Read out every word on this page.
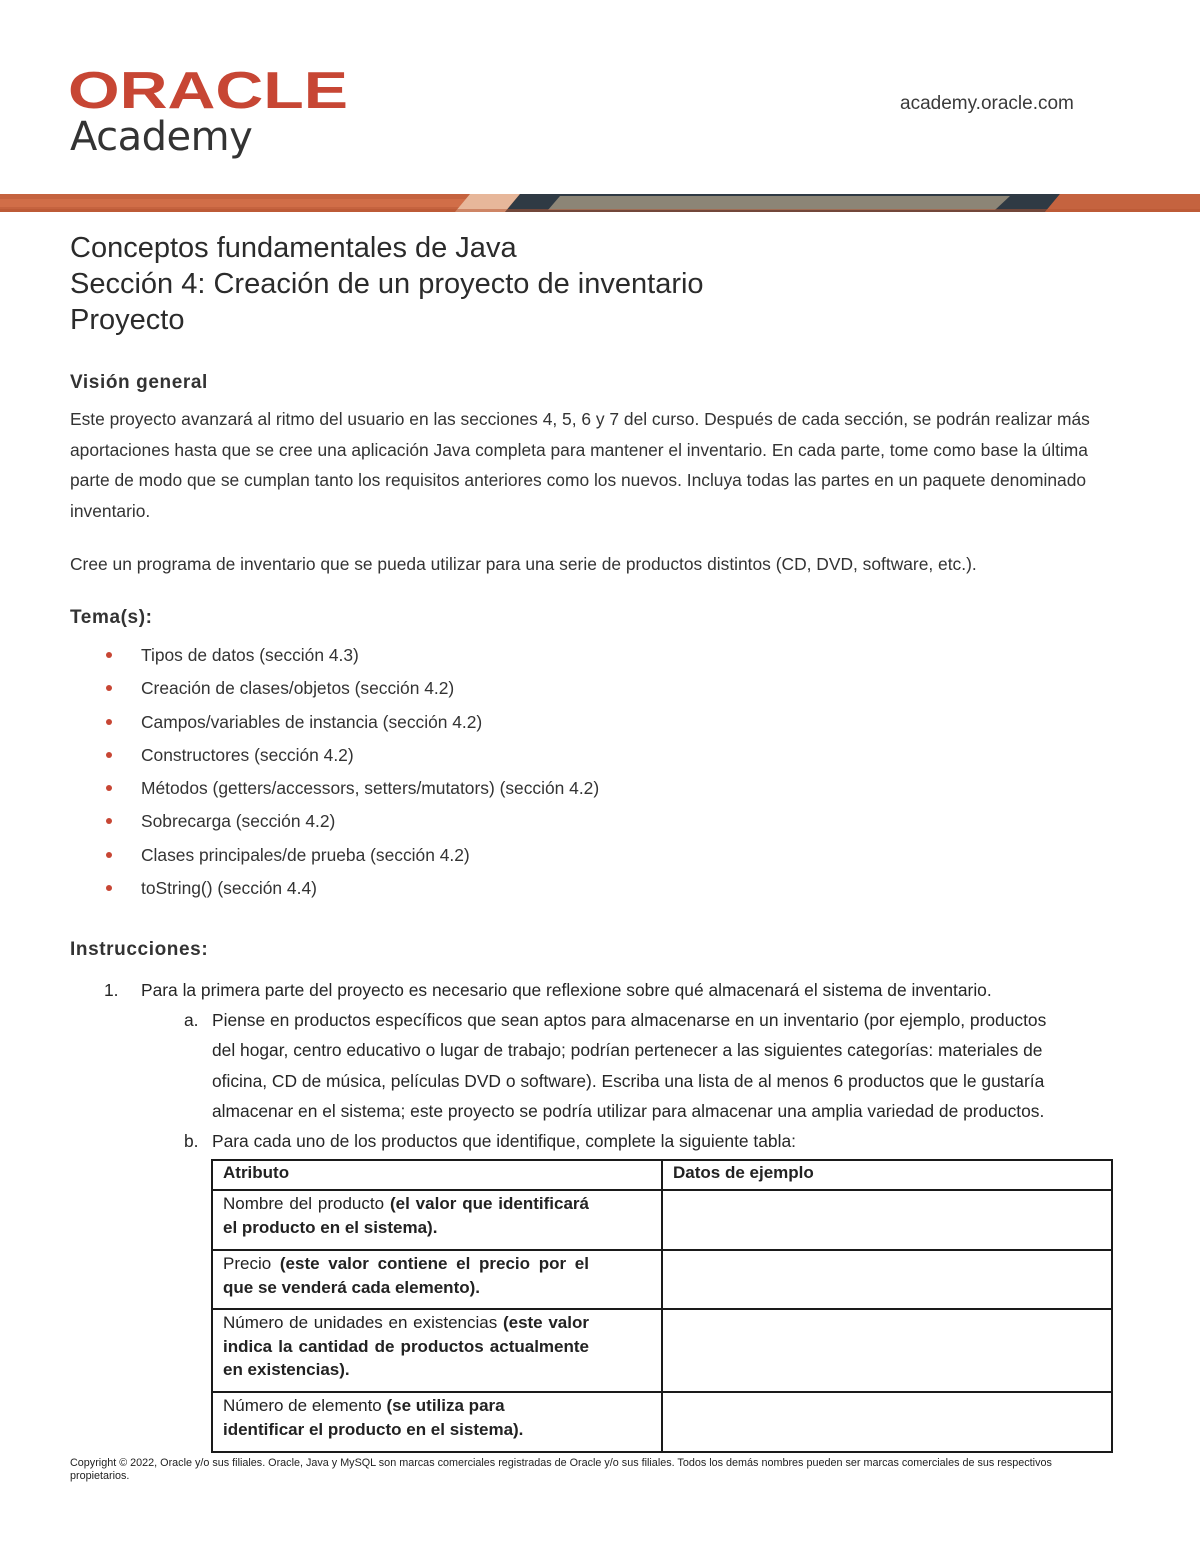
ORACLE
Academy
academy.oracle.com
Conceptos fundamentales de Java
Sección 4: Creación de un proyecto de inventario
Proyecto
Visión general
Este proyecto avanzará al ritmo del usuario en las secciones 4, 5, 6 y 7 del curso. Después de cada sección, se podrán realizar más aportaciones hasta que se cree una aplicación Java completa para mantener el inventario. En cada parte, tome como base la última parte de modo que se cumplan tanto los requisitos anteriores como los nuevos. Incluya todas las partes en un paquete denominado inventario.
Cree un programa de inventario que se pueda utilizar para una serie de productos distintos (CD, DVD, software, etc.).
Tema(s):
Tipos de datos (sección 4.3)
Creación de clases/objetos (sección 4.2)
Campos/variables de instancia (sección 4.2)
Constructores (sección 4.2)
Métodos (getters/accessors, setters/mutators) (sección 4.2)
Sobrecarga (sección 4.2)
Clases principales/de prueba (sección 4.2)
toString() (sección 4.4)
Instrucciones:
1. Para la primera parte del proyecto es necesario que reflexione sobre qué almacenará el sistema de inventario.
a. Piense en productos específicos que sean aptos para almacenarse en un inventario (por ejemplo, productos del hogar, centro educativo o lugar de trabajo; podrían pertenecer a las siguientes categorías: materiales de oficina, CD de música, películas DVD o software). Escriba una lista de al menos 6 productos que le gustaría almacenar en el sistema; este proyecto se podría utilizar para almacenar una amplia variedad de productos.
b. Para cada uno de los productos que identifique, complete la siguiente tabla:
Atributo	Datos de ejemplo
Nombre del producto (el valor que identificará el producto en el sistema).	
Precio (este valor contiene el precio por el que se venderá cada elemento).	
Número de unidades en existencias (este valor indica la cantidad de productos actualmente en existencias).	
Número de elemento (se utiliza para identificar el producto en el sistema).	
Copyright © 2022, Oracle y/o sus filiales. Oracle, Java y MySQL son marcas comerciales registradas de Oracle y/o sus filiales. Todos los demás nombres pueden ser marcas comerciales de sus respectivos propietarios.
